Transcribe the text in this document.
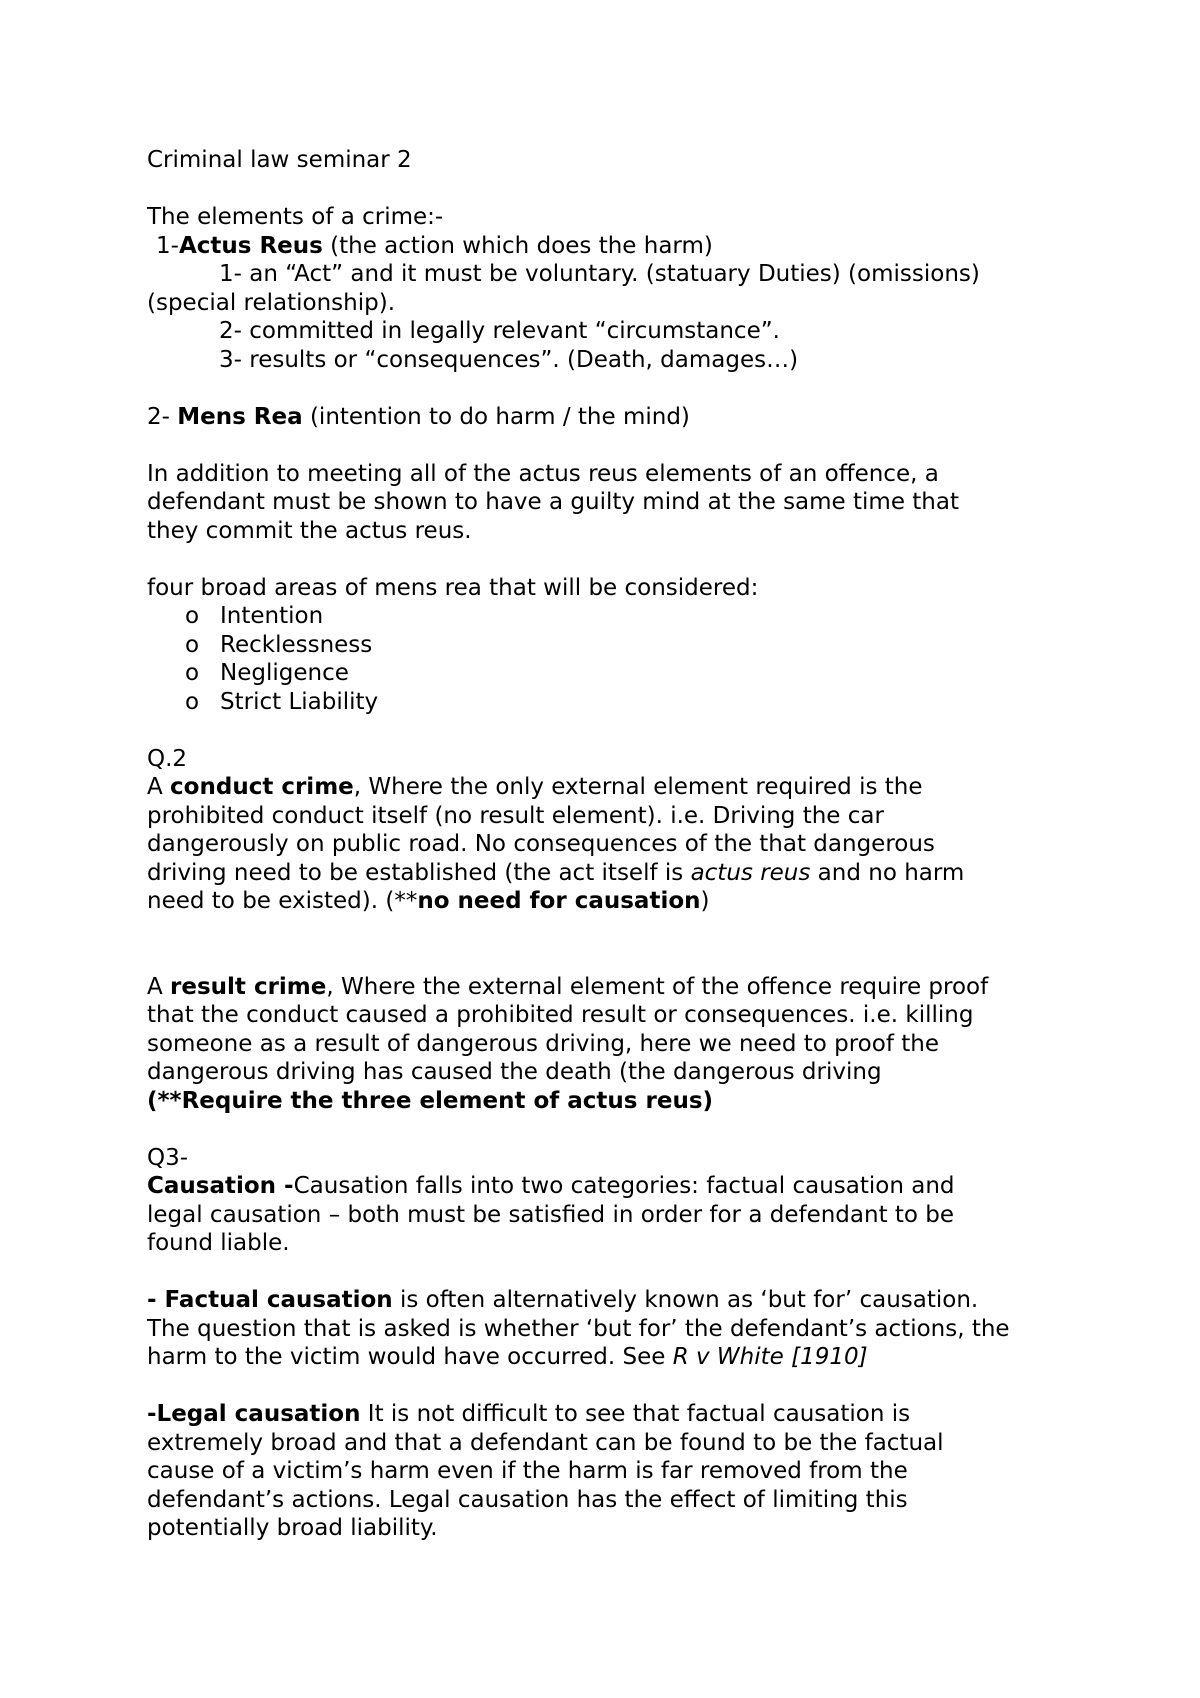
Criminal law seminar 2

The elements of a crime:-

1-Actus Reus (the action which does the harm)

1- an “Act” and it must be voluntary. (statuary Duties) (omissions)

(special relationship).

2- committed in legally relevant “circumstance”.

3- results or “consequences”. (Death, damages…)

2- Mens Rea (intention to do harm / the mind)

In addition to meeting all of the actus reus elements of an offence, a

defendant must be shown to have a guilty mind at the same time that

they commit the actus reus.

four broad areas of mens rea that will be considered:

o Intention
o Recklessness
o Negligence
o Strict Liability

Q.2

A conduct crime, Where the only external element required is the

prohibited conduct itself (no result element). i.e. Driving the car

dangerously on public road. No consequences of the that dangerous

driving need to be established (the act itself is actus reus and no harm

need to be existed). (**no need for causation)

A result crime, Where the external element of the offence require proof

that the conduct caused a prohibited result or consequences. i.e. killing

someone as a result of dangerous driving, here we need to proof the

dangerous driving has caused the death (the dangerous driving

(**Require the three element of actus reus)

Q3-

Causation -Causation falls into two categories: factual causation and

legal causation – both must be satisfied in order for a defendant to be

found liable.

- Factual causation is often alternatively known as ‘but for’ causation.

The question that is asked is whether ‘but for’ the defendant’s actions, the

harm to the victim would have occurred. See R v White [1910]

-Legal causation It is not difficult to see that factual causation is

extremely broad and that a defendant can be found to be the factual

cause of a victim’s harm even if the harm is far removed from the

defendant’s actions. Legal causation has the effect of limiting this

potentially broad liability.
